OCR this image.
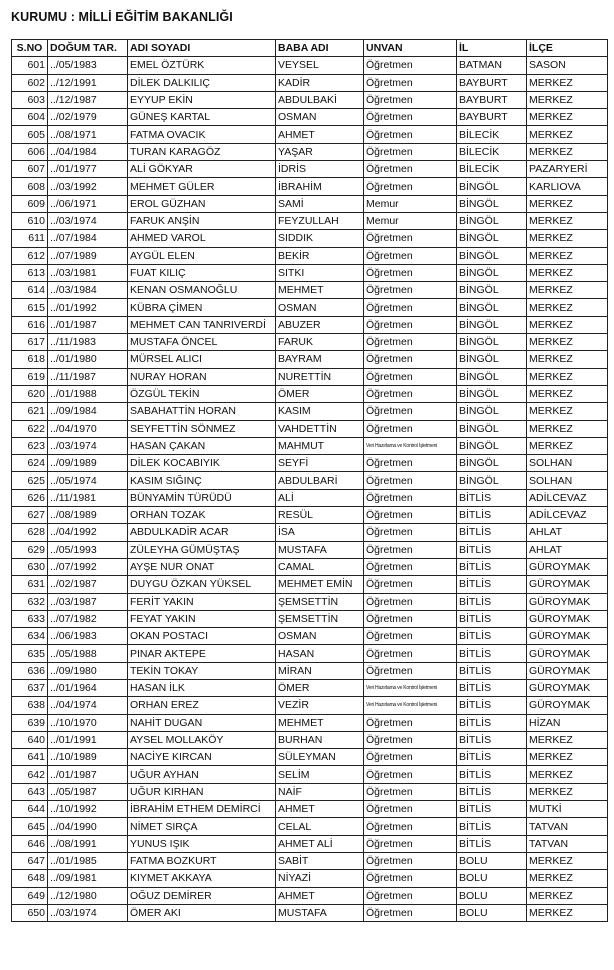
KURUMU : MİLLİ EĞİTİM BAKANLIĞI
S.NO	DOĞUM TAR.	ADI SOYADI	BABA ADI	UNVAN	İL	İLÇE
601	../05/1983	EMEL ÖZTÜRK	VEYSEL	Öğretmen	BATMAN	SASON
602	../12/1991	DİLEK DALKILIÇ	KADİR	Öğretmen	BAYBURT	MERKEZ
603	../12/1987	EYYUP EKİN	ABDULBAKİ	Öğretmen	BAYBURT	MERKEZ
604	../02/1979	GÜNEŞ KARTAL	OSMAN	Öğretmen	BAYBURT	MERKEZ
605	../08/1971	FATMA OVACIK	AHMET	Öğretmen	BİLECİK	MERKEZ
606	../04/1984	TURAN KARAGÖZ	YAŞAR	Öğretmen	BİLECİK	MERKEZ
607	../01/1977	ALİ GÖKYAR	İDRİS	Öğretmen	BİLECİK	PAZARYERİ
608	../03/1992	MEHMET GÜLER	İBRAHİM	Öğretmen	BİNGÖL	KARLIOVA
609	../06/1971	EROL GÜZHAN	SAMİ	Memur	BİNGÖL	MERKEZ
610	../03/1974	FARUK ANŞİN	FEYZULLAH	Memur	BİNGÖL	MERKEZ
611	../07/1984	AHMED VAROL	SIDDIK	Öğretmen	BİNGÖL	MERKEZ
612	../07/1989	AYGÜL ELEN	BEKİR	Öğretmen	BİNGÖL	MERKEZ
613	../03/1981	FUAT KILIÇ	SITKI	Öğretmen	BİNGÖL	MERKEZ
614	../03/1984	KENAN OSMANOĞLU	MEHMET	Öğretmen	BİNGÖL	MERKEZ
615	../01/1992	KÜBRA ÇİMEN	OSMAN	Öğretmen	BİNGÖL	MERKEZ
616	../01/1987	MEHMET CAN TANRIVERDİ	ABUZER	Öğretmen	BİNGÖL	MERKEZ
617	../11/1983	MUSTAFA ÖNCEL	FARUK	Öğretmen	BİNGÖL	MERKEZ
618	../01/1980	MÜRSEL ALICI	BAYRAM	Öğretmen	BİNGÖL	MERKEZ
619	../11/1987	NURAY HORAN	NURETTİN	Öğretmen	BİNGÖL	MERKEZ
620	../01/1988	ÖZGÜL TEKİN	ÖMER	Öğretmen	BİNGÖL	MERKEZ
621	../09/1984	SABAHATTİN HORAN	KASIM	Öğretmen	BİNGÖL	MERKEZ
622	../04/1970	SEYFETTİN SÖNMEZ	VAHDETTİN	Öğretmen	BİNGÖL	MERKEZ
623	../03/1974	HASAN ÇAKAN	MAHMUT	Veri Hazırlama ve Kontrol İşletmeni	BİNGÖL	MERKEZ
624	../09/1989	DİLEK KOCABIYIK	SEYFİ	Öğretmen	BİNGÖL	SOLHAN
625	../05/1974	KASIM SIĞINÇ	ABDULBARİ	Öğretmen	BİNGÖL	SOLHAN
626	../11/1981	BÜNYAMİN TÜRÜDÜ	ALİ	Öğretmen	BİTLİS	ADİLCEVAZ
627	../08/1989	ORHAN TOZAK	RESÜL	Öğretmen	BİTLİS	ADİLCEVAZ
628	../04/1992	ABDULKADİR ACAR	İSA	Öğretmen	BİTLİS	AHLAT
629	../05/1993	ZÜLEYHA GÜMÜŞTAŞ	MUSTAFA	Öğretmen	BİTLİS	AHLAT
630	../07/1992	AYŞE NUR ONAT	CAMAL	Öğretmen	BİTLİS	GÜROYMAK
631	../02/1987	DUYGU ÖZKAN YÜKSEL	MEHMET EMİN	Öğretmen	BİTLİS	GÜROYMAK
632	../03/1987	FERİT YAKIN	ŞEMSETTİN	Öğretmen	BİTLİS	GÜROYMAK
633	../07/1982	FEYAT YAKIN	ŞEMSETTİN	Öğretmen	BİTLİS	GÜROYMAK
634	../06/1983	OKAN POSTACI	OSMAN	Öğretmen	BİTLİS	GÜROYMAK
635	../05/1988	PINAR AKTEPE	HASAN	Öğretmen	BİTLİS	GÜROYMAK
636	../09/1980	TEKİN TOKAY	MİRAN	Öğretmen	BİTLİS	GÜROYMAK
637	../01/1964	HASAN İLK	ÖMER	Veri Hazırlama ve Kontrol İşletmeni	BİTLİS	GÜROYMAK
638	../04/1974	ORHAN EREZ	VEZİR	Veri Hazırlama ve Kontrol İşletmeni	BİTLİS	GÜROYMAK
639	../10/1970	NAHİT DUGAN	MEHMET	Öğretmen	BİTLİS	HİZAN
640	../01/1991	AYSEL MOLLAKÖY	BURHAN	Öğretmen	BİTLİS	MERKEZ
641	../10/1989	NACİYE KIRCAN	SÜLEYMAN	Öğretmen	BİTLİS	MERKEZ
642	../01/1987	UĞUR AYHAN	SELİM	Öğretmen	BİTLİS	MERKEZ
643	../05/1987	UĞUR KIRHAN	NAİF	Öğretmen	BİTLİS	MERKEZ
644	../10/1992	İBRAHİM ETHEM DEMİRCİ	AHMET	Öğretmen	BİTLİS	MUTKİ
645	../04/1990	NİMET SIRÇA	CELAL	Öğretmen	BİTLİS	TATVAN
646	../08/1991	YUNUS IŞIK	AHMET ALİ	Öğretmen	BİTLİS	TATVAN
647	../01/1985	FATMA BOZKURT	SABİT	Öğretmen	BOLU	MERKEZ
648	../09/1981	KIYMET AKKAYA	NİYAZİ	Öğretmen	BOLU	MERKEZ
649	../12/1980	OĞUZ DEMİRER	AHMET	Öğretmen	BOLU	MERKEZ
650	../03/1974	ÖMER AKI	MUSTAFA	Öğretmen	BOLU	MERKEZ
